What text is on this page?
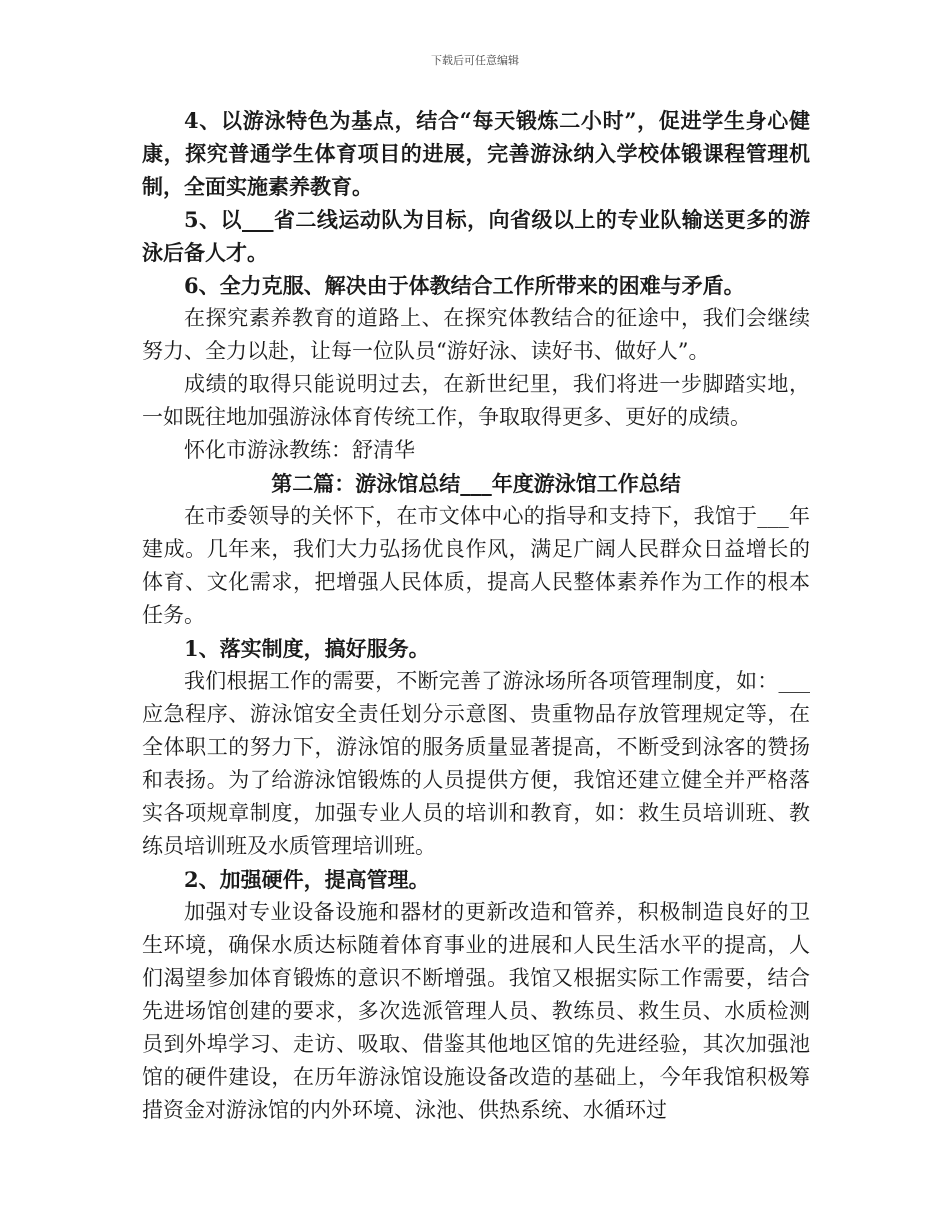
下载后可任意编辑

4、以游泳特色为基点，结合“每天锻炼二小时”，促进学生身心健康，探究普通学生体育项目的进展，完善游泳纳入学校体锻课程管理机制，全面实施素养教育。

5、以___省二线运动队为目标，向省级以上的专业队输送更多的游泳后备人才。

6、全力克服、解决由于体教结合工作所带来的困难与矛盾。

在探究素养教育的道路上、在探究体教结合的征途中，我们会继续努力、全力以赴，让每一位队员“游好泳、读好书、做好人”。

成绩的取得只能说明过去，在新世纪里，我们将进一步脚踏实地，一如既往地加强游泳体育传统工作，争取取得更多、更好的成绩。

怀化市游泳教练：舒清华

第二篇：游泳馆总结___年度游泳馆工作总结

在市委领导的关怀下，在市文体中心的指导和支持下，我馆于___年建成。几年来，我们大力弘扬优良作风，满足广阔人民群众日益增长的体育、文化需求，把增强人民体质，提高人民整体素养作为工作的根本任务。

1、落实制度，搞好服务。

我们根据工作的需要，不断完善了游泳场所各项管理制度，如：___应急程序、游泳馆安全责任划分示意图、贵重物品存放管理规定等，在全体职工的努力下，游泳馆的服务质量显著提高，不断受到泳客的赞扬和表扬。为了给游泳馆锻炼的人员提供方便，我馆还建立健全并严格落实各项规章制度，加强专业人员的培训和教育，如：救生员培训班、教练员培训班及水质管理培训班。

2、加强硬件，提高管理。

加强对专业设备设施和器材的更新改造和管养，积极制造良好的卫生环境，确保水质达标随着体育事业的进展和人民生活水平的提高，人们渴望参加体育锻炼的意识不断增强。我馆又根据实际工作需要，结合先进场馆创建的要求，多次选派管理人员、教练员、救生员、水质检测员到外埠学习、走访、吸取、借鉴其他地区馆的先进经验，其次加强池馆的硬件建设，在历年游泳馆设施设备改造的基础上，今年我馆积极筹措资金对游泳馆的内外环境、泳池、供热系统、水循环过
